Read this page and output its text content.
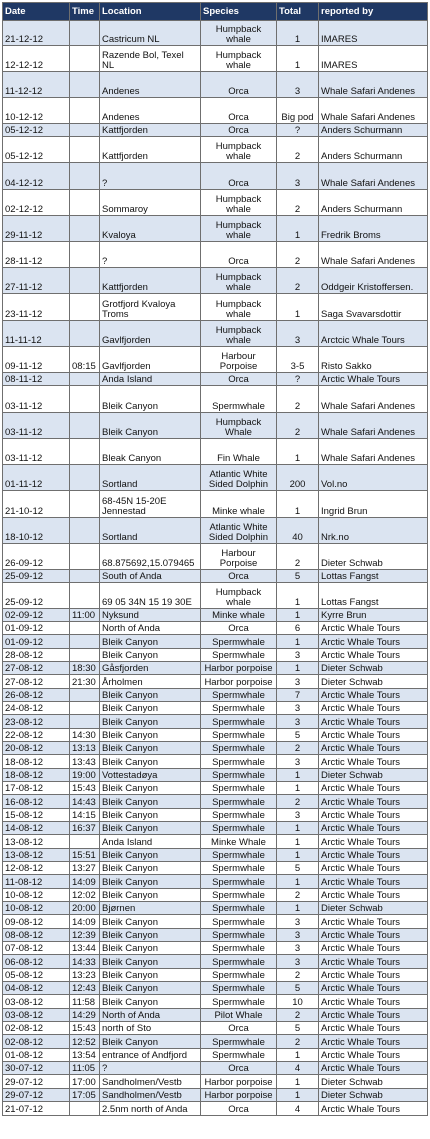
Date	Time	Location	Species	Total	reported by
21-12-12		Castricum NL	Humpback whale	1	IMARES
12-12-12		Razende Bol, Texel NL	Humpback whale	1	IMARES
11-12-12		Andenes	Orca	3	Whale Safari Andenes
10-12-12		Andenes	Orca	Big pod	Whale Safari Andenes
05-12-12		Kattfjorden	Orca	?	Anders Schurmann
05-12-12		Kattfjorden	Humpback whale	2	Anders Schurmann
04-12-12		?	Orca	3	Whale Safari Andenes
02-12-12		Sommaroy	Humpback whale	2	Anders Schurmann
29-11-12		Kvaloya	Humpback whale	1	Fredrik Broms
28-11-12		?	Orca	2	Whale Safari Andenes
27-11-12		Kattfjorden	Humpback whale	2	Oddgeir Kristoffersen.
23-11-12		Grotfjord Kvaloya Troms	Humpback whale	1	Saga Svavarsdottir
11-11-12		Gavlfjorden	Humpback whale	3	Arctcic Whale Tours
09-11-12	08:15	Gavlfjorden	Harbour Porpoise	3-5	Risto Sakko
08-11-12		Anda Island	Orca	?	Arctic Whale Tours
03-11-12		Bleik Canyon	Spermwhale	2	Whale Safari Andenes
03-11-12		Bleik Canyon	Humpback Whale	2	Whale Safari Andenes
03-11-12		Bleak Canyon	Fin Whale	1	Whale Safari Andenes
01-11-12		Sortland	Atlantic White Sided Dolphin	200	Vol.no
21-10-12		68-45N 15-20E Jennestad	Minke whale	1	Ingrid Brun
18-10-12		Sortland	Atlantic White Sided Dolphin	40	Nrk.no
26-09-12		68.875692,15.079465	Harbour Porpoise	2	Dieter Schwab
25-09-12		South of Anda	Orca	5	Lottas Fangst
25-09-12		69 05 34N 15 19 30E	Humpback whale	1	Lottas Fangst
02-09-12	11:00	Nyksund	Minke whale	1	Kyrre Brun
01-09-12		North of Anda	Orca	6	Arctic Whale Tours
01-09-12		Bleik Canyon	Spermwhale	1	Arctic Whale Tours
28-08-12		Bleik Canyon	Spermwhale	3	Arctic Whale Tours
27-08-12	18:30	Gåsfjorden	Harbor porpoise	1	Dieter Schwab
27-08-12	21:30	Årholmen	Harbor porpoise	3	Dieter Schwab
26-08-12		Bleik Canyon	Spermwhale	7	Arctic Whale Tours
24-08-12		Bleik Canyon	Spermwhale	3	Arctic Whale Tours
23-08-12		Bleik Canyon	Spermwhale	3	Arctic Whale Tours
22-08-12	14:30	Bleik Canyon	Spermwhale	5	Arctic Whale Tours
20-08-12	13:13	Bleik Canyon	Spermwhale	2	Arctic Whale Tours
18-08-12	13:43	Bleik Canyon	Spermwhale	3	Arctic Whale Tours
18-08-12	19:00	Vottestadøya	Spermwhale	1	Dieter Schwab
17-08-12	15:43	Bleik Canyon	Spermwhale	1	Arctic Whale Tours
16-08-12	14:43	Bleik Canyon	Spermwhale	2	Arctic Whale Tours
15-08-12	14:15	Bleik Canyon	Spermwhale	3	Arctic Whale Tours
14-08-12	16:37	Bleik Canyon	Spermwhale	1	Arctic Whale Tours
13-08-12		Anda Island	Minke Whale	1	Arctic Whale Tours
13-08-12	15:51	Bleik Canyon	Spermwhale	1	Arctic Whale Tours
12-08-12	13:27	Bleik Canyon	Spermwhale	5	Arctic Whale Tours
11-08-12	14:09	Bleik Canyon	Spermwhale	1	Arctic Whale Tours
10-08-12	12:02	Bleik Canyon	Spermwhale	2	Arctic Whale Tours
10-08-12	20:00	Bjørnen	Spermwhale	1	Dieter Schwab
09-08-12	14:09	Bleik Canyon	Spermwhale	3	Arctic Whale Tours
08-08-12	12:39	Bleik Canyon	Spermwhale	3	Arctic Whale Tours
07-08-12	13:44	Bleik Canyon	Spermwhale	3	Arctic Whale Tours
06-08-12	14:33	Bleik Canyon	Spermwhale	3	Arctic Whale Tours
05-08-12	13:23	Bleik Canyon	Spermwhale	2	Arctic Whale Tours
04-08-12	12:43	Bleik Canyon	Spermwhale	5	Arctic Whale Tours
03-08-12	11:58	Bleik Canyon	Spermwhale	10	Arctic Whale Tours
03-08-12	14:29	North of Anda	Pilot Whale	2	Arctic Whale Tours
02-08-12	15:43	north of Sto	Orca	5	Arctic Whale Tours
02-08-12	12:52	Bleik Canyon	Spermwhale	2	Arctic Whale Tours
01-08-12	13:54	entrance of Andfjord	Spermwhale	1	Arctic Whale Tours
30-07-12	11:05	?	Orca	4	Arctic Whale Tours
29-07-12	17:00	Sandholmen/Vestb	Harbor porpoise	1	Dieter Schwab
29-07-12	17:05	Sandholmen/Vestb	Harbor porpoise	1	Dieter Schwab
21-07-12		2.5nm north of Anda	Orca	4	Arctic Whale Tours
